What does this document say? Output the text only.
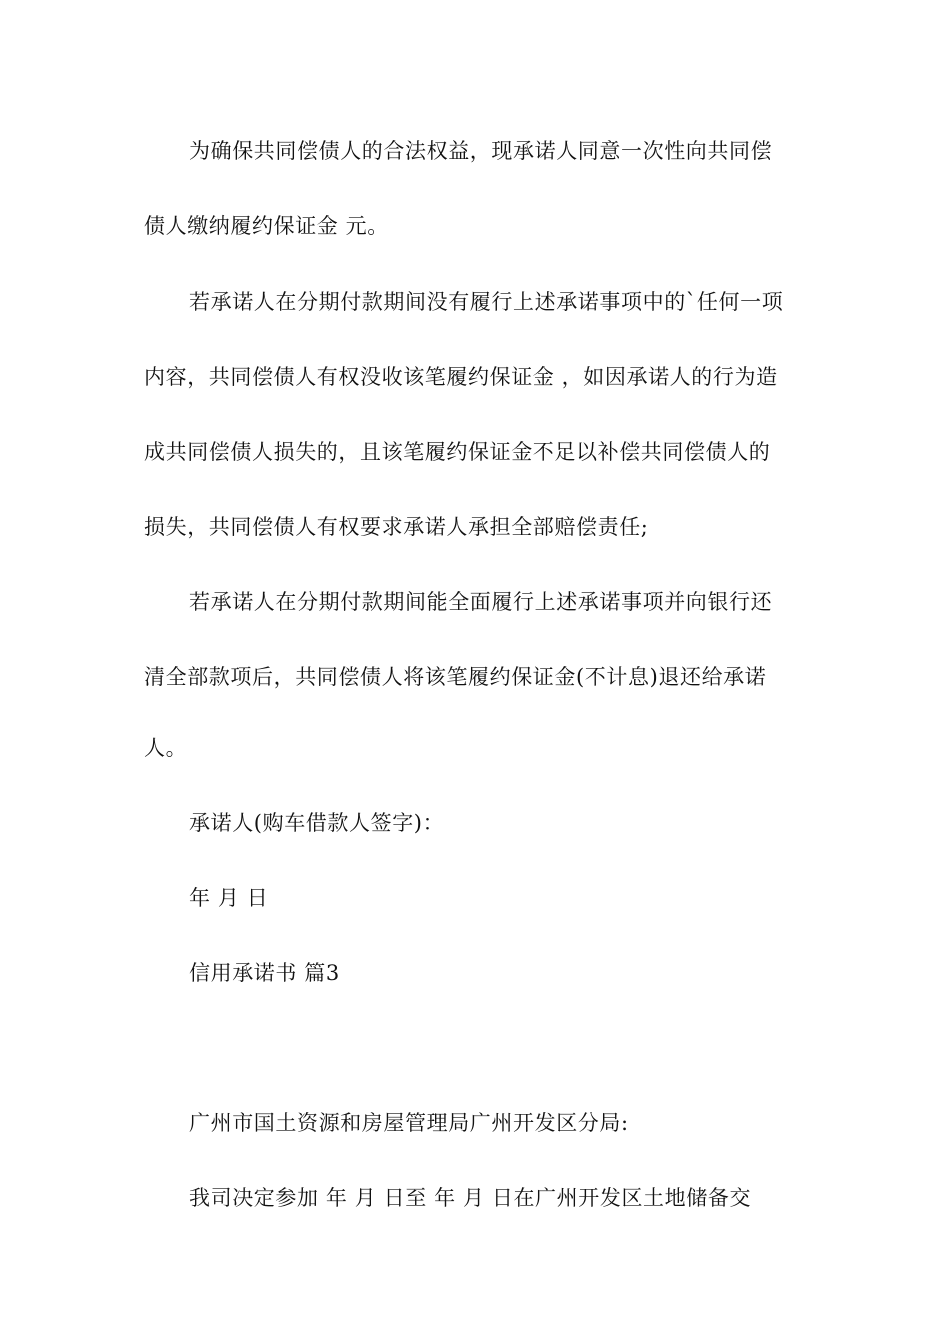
为确保共同偿债人的合法权益，现承诺人同意一次性向共同偿
债人缴纳履约保证金 元。
若承诺人在分期付款期间没有履行上述承诺事项中的`任何一项
内容，共同偿债人有权没收该笔履约保证金 ，如因承诺人的行为造
成共同偿债人损失的，且该笔履约保证金不足以补偿共同偿债人的
损失，共同偿债人有权要求承诺人承担全部赔偿责任;
若承诺人在分期付款期间能全面履行上述承诺事项并向银行还
清全部款项后，共同偿债人将该笔履约保证金(不计息)退还给承诺
人。
承诺人(购车借款人签字)：
年 月 日
信用承诺书 篇3
广州市国土资源和房屋管理局广州开发区分局:
我司决定参加 年 月 日至 年 月 日在广州开发区土地储备交
